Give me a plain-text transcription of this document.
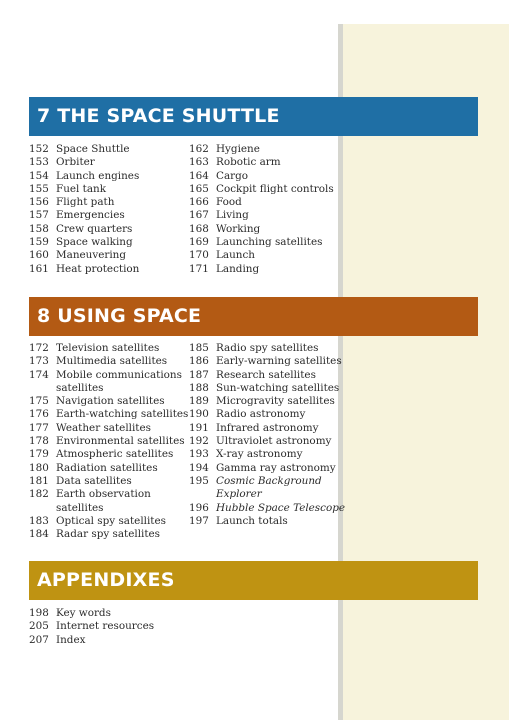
7 THE SPACE SHUTTLE
152 Space Shuttle
153 Orbiter
154 Launch engines
155 Fuel tank
156 Flight path
157 Emergencies
158 Crew quarters
159 Space walking
160 Maneuvering
161 Heat protection
162 Hygiene
163 Robotic arm
164 Cargo
165 Cockpit flight controls
166 Food
167 Living
168 Working
169 Launching satellites
170 Launch
171 Landing
8 USING SPACE
172 Television satellites
173 Multimedia satellites
174 Mobile communications
satellites
175 Navigation satellites
176 Earth-watching satellites
177 Weather satellites
178 Environmental satellites
179 Atmospheric satellites
180 Radiation satellites
181 Data satellites
182 Earth observation
satellites
183 Optical spy satellites
184 Radar spy satellites
185 Radio spy satellites
186 Early-warning satellites
187 Research satellites
188 Sun-watching satellites
189 Microgravity satellites
190 Radio astronomy
191 Infrared astronomy
192 Ultraviolet astronomy
193 X-ray astronomy
194 Gamma ray astronomy
195 Cosmic Background
Explorer
196 Hubble Space Telescope
197 Launch totals
APPENDIXES
198 Key words
205 Internet resources
207 Index
